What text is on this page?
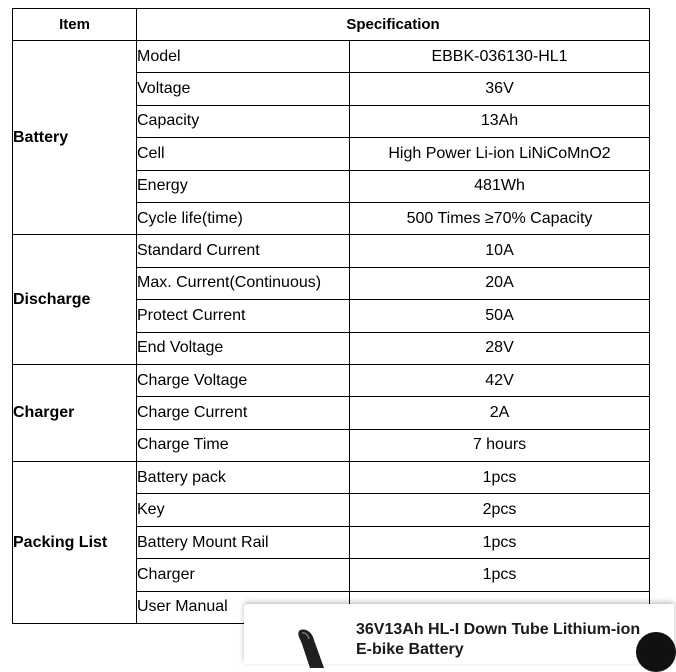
Item	Specification	
Battery	Model	EBBK-036130-HL1
	Voltage	36V
	Capacity	13Ah
	Cell	High Power Li-ion LiNiCoMnO2
	Energy	481Wh
	Cycle life(time)	500 Times ≥70% Capacity
Discharge	Standard Current	10A
	Max. Current(Continuous)	20A
	Protect Current	50A
	End Voltage	28V
Charger	Charge Voltage	42V
	Charge Current	2A
	Charge Time	7 hours
Packing List	Battery pack	1pcs
	Key	2pcs
	Battery Mount Rail	1pcs
	Charger	1pcs
	User Manual	
36V13Ah HL-I Down Tube Lithium-ion E-bike Battery
